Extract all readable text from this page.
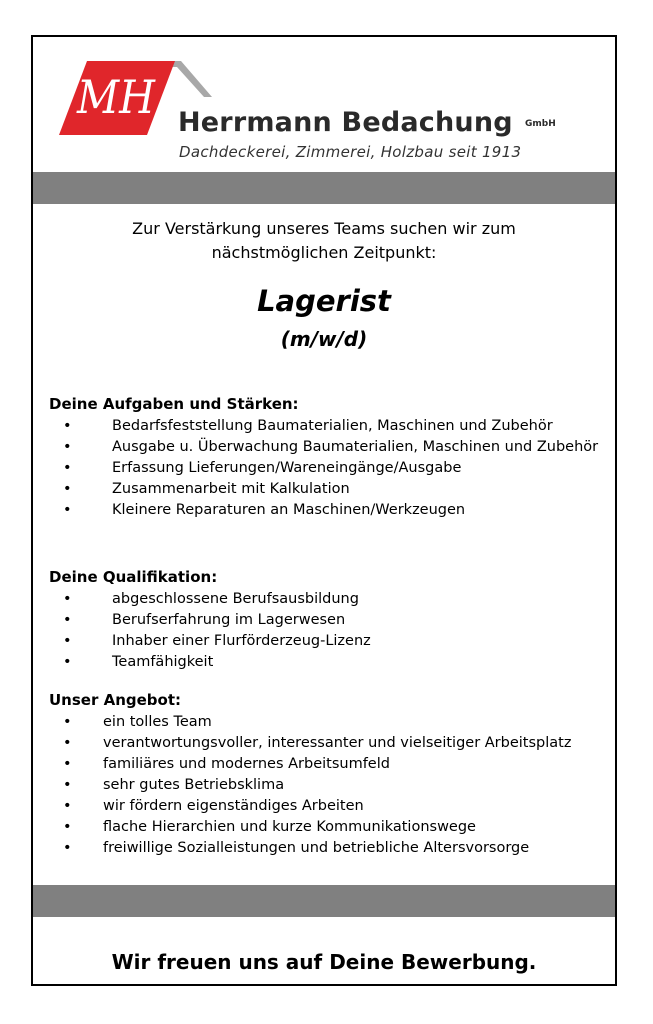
MH Herrmann Bedachung GmbH
Dachdeckerei, Zimmerei, Holzbau seit 1913
Zur Verstärkung unseres Teams suchen wir zum
nächstmöglichen Zeitpunkt:
Lagerist
(m/w/d)
Deine Aufgaben und Stärken:
•	Bedarfsfeststellung Baumaterialien, Maschinen und Zubehör
•	Ausgabe u. Überwachung Baumaterialien, Maschinen und Zubehör
•	Erfassung Lieferungen/Wareneingänge/Ausgabe
•	Zusammenarbeit mit Kalkulation
•	Kleinere Reparaturen an Maschinen/Werkzeugen
Deine Qualifikation:
•	abgeschlossene Berufsausbildung
•	Berufserfahrung im Lagerwesen
•	Inhaber einer Flurförderzeug-Lizenz
•	Teamfähigkeit
Unser Angebot:
• ein tolles Team
• verantwortungsvoller, interessanter und vielseitiger Arbeitsplatz
• familiäres und modernes Arbeitsumfeld
• sehr gutes Betriebsklima
• wir fördern eigenständiges Arbeiten
• flache Hierarchien und kurze Kommunikationswege
• freiwillige Sozialleistungen und betriebliche Altersvorsorge
Wir freuen uns auf Deine Bewerbung.
